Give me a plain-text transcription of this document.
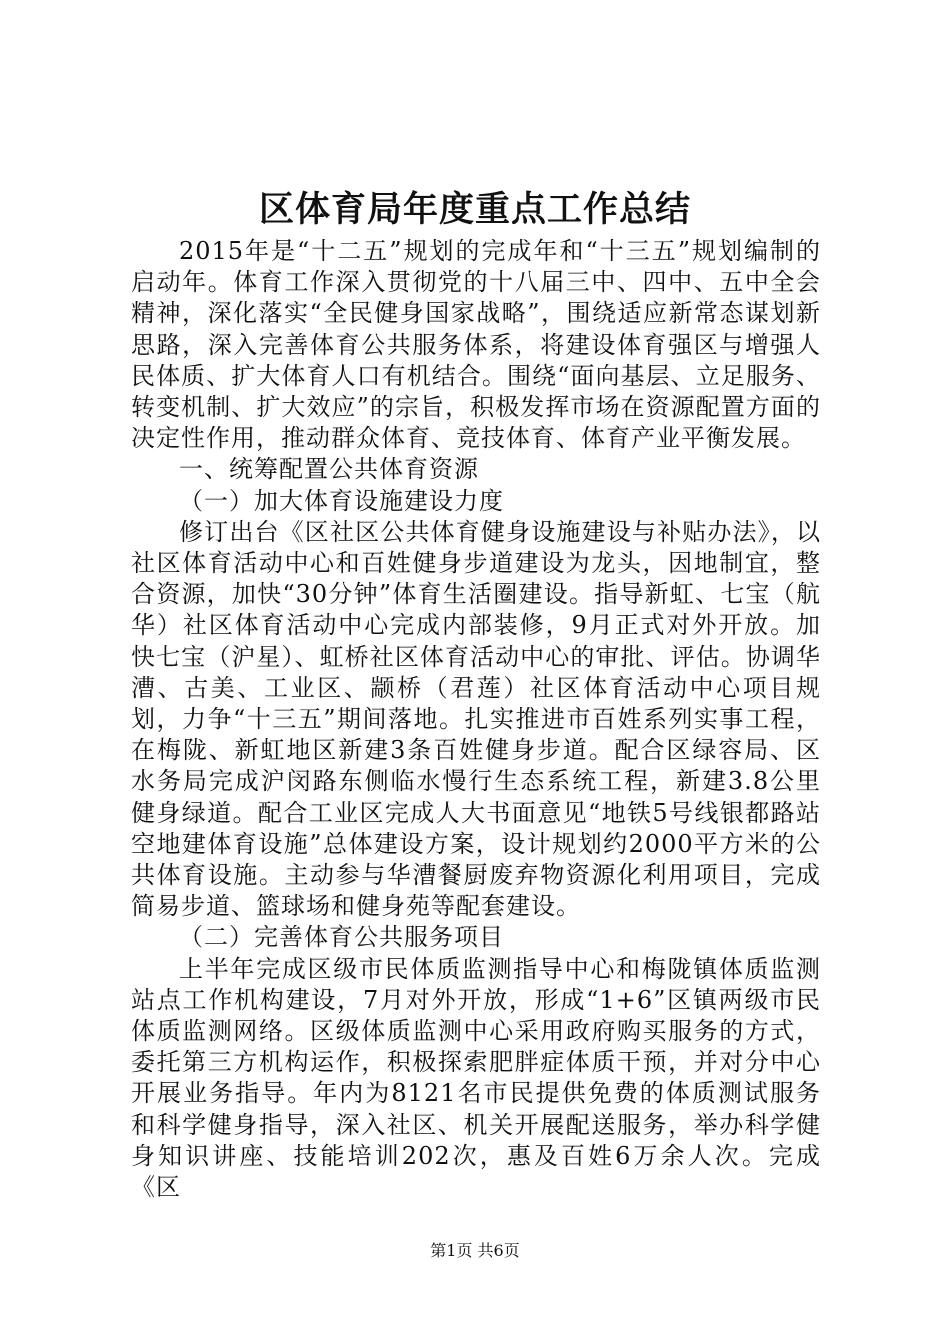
区体育局年度重点工作总结

2015年是“十二五”规划的完成年和“十三五”规划编制的启动年。体育工作深入贯彻党的十八届三中、四中、五中全会精神，深化落实“全民健身国家战略”，围绕适应新常态谋划新思路，深入完善体育公共服务体系，将建设体育强区与增强人民体质、扩大体育人口有机结合。围绕“面向基层、立足服务、转变机制、扩大效应”的宗旨，积极发挥市场在资源配置方面的决定性作用，推动群众体育、竞技体育、体育产业平衡发展。

一、统筹配置公共体育资源

（一）加大体育设施建设力度

修订出台《区社区公共体育健身设施建设与补贴办法》，以社区体育活动中心和百姓健身步道建设为龙头，因地制宜，整合资源，加快“30分钟”体育生活圈建设。指导新虹、七宝（航华）社区体育活动中心完成内部装修，9月正式对外开放。加快七宝（沪星）、虹桥社区体育活动中心的审批、评估。协调华漕、古美、工业区、颛桥（君莲）社区体育活动中心项目规划，力争“十三五”期间落地。扎实推进市百姓系列实事工程，在梅陇、新虹地区新建3条百姓健身步道。配合区绿容局、区水务局完成沪闵路东侧临水慢行生态系统工程，新建3.8公里健身绿道。配合工业区完成人大书面意见“地铁5号线银都路站空地建体育设施”总体建设方案，设计规划约2000平方米的公共体育设施。主动参与华漕餐厨废弃物资源化利用项目，完成简易步道、篮球场和健身苑等配套建设。

（二）完善体育公共服务项目

上半年完成区级市民体质监测指导中心和梅陇镇体质监测站点工作机构建设，7月对外开放，形成“1+6”区镇两级市民体质监测网络。区级体质监测中心采用政府购买服务的方式，委托第三方机构运作，积极探索肥胖症体质干预，并对分中心开展业务指导。年内为8121名市民提供免费的体质测试服务和科学健身指导，深入社区、机关开展配送服务，举办科学健身知识讲座、技能培训202次，惠及百姓6万余人次。完成《区

第1页 共6页
